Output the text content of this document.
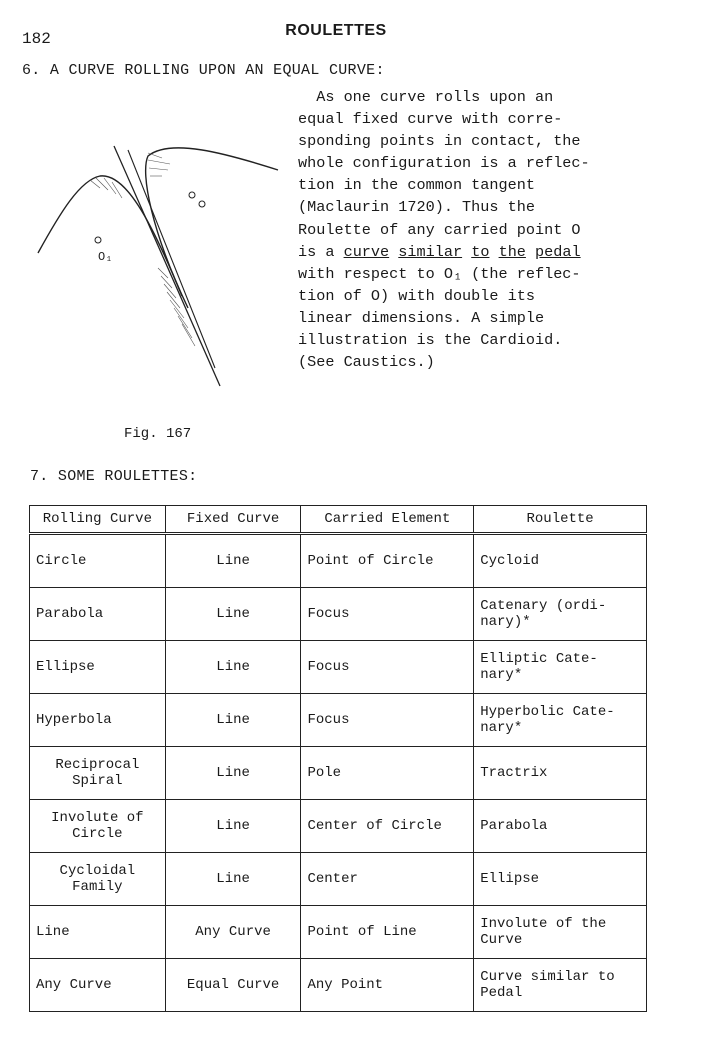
182	ROULETTES
6. A CURVE ROLLING UPON AN EQUAL CURVE:
As one curve rolls upon an
equal fixed curve with corre-
sponding points in contact, the
whole configuration is a reflec-
tion in the common tangent
(Maclaurin 1720). Thus the
Roulette of any carried point O
is a curve similar to the pedal
with respect to O₁ (the reflec-
tion of O) with double its
linear dimensions. A simple
illustration is the Cardioid.
(See Caustics.)
O₁
Fig. 167
7. SOME ROULETTES:
Rolling Curve	Fixed Curve	Carried Element	Roulette
Circle	Line	Point of Circle	Cycloid
Parabola	Line	Focus	Catenary (ordi-
nary)*
Ellipse	Line	Focus	Elliptic Cate-
nary*
Hyperbola	Line	Focus	Hyperbolic Cate-
nary*
Reciprocal
Spiral	Line	Pole	Tractrix
Involute of
Circle	Line	Center of Circle	Parabola
Cycloidal
Family	Line	Center	Ellipse
Line	Any Curve	Point of Line	Involute of the
Curve
Any Curve	Equal Curve	Any Point	Curve similar to
Pedal
